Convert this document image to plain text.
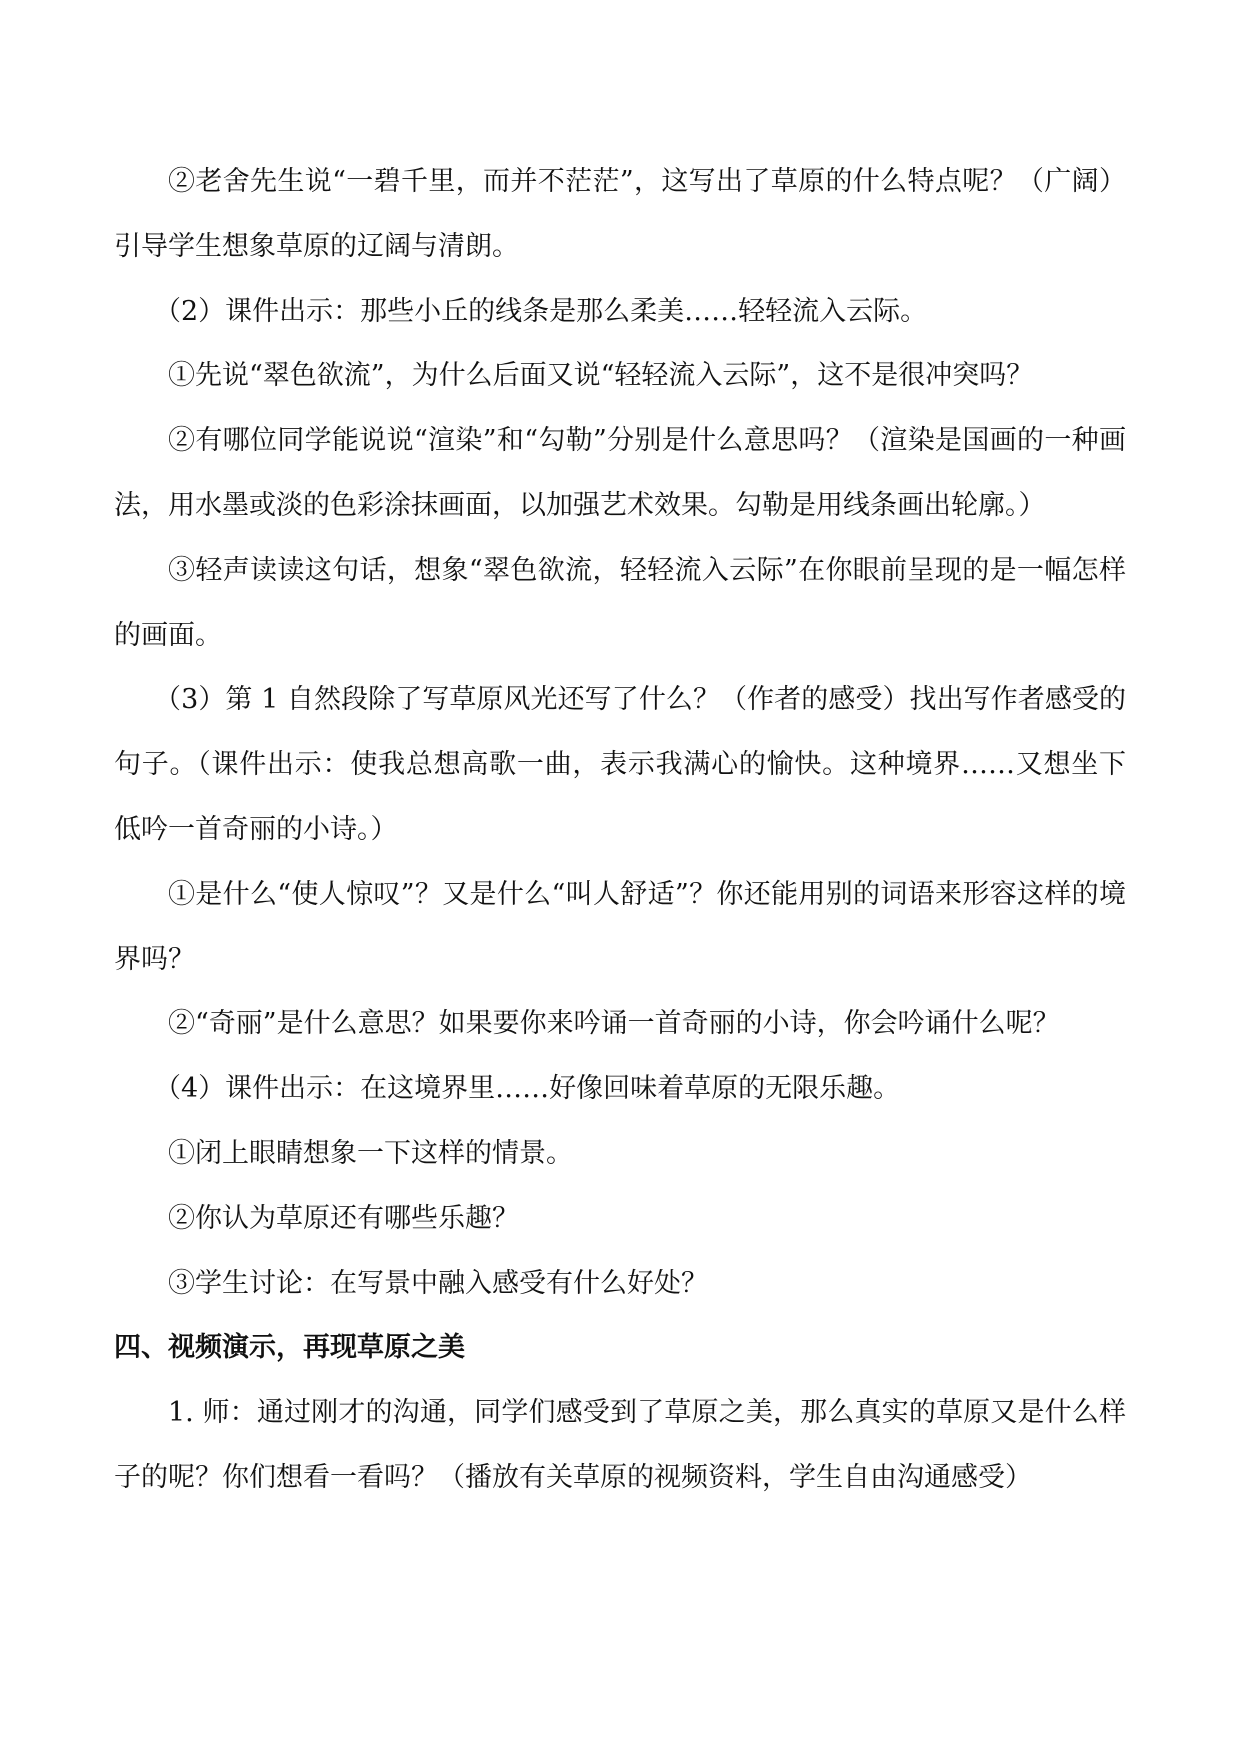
②老舍先生说“一碧千里，而并不茫茫”，这写出了草原的什么特点呢？（广阔）引导学生想象草原的辽阔与清朗。

（2）课件出示：那些小丘的线条是那么柔美……轻轻流入云际。

①先说“翠色欲流”，为什么后面又说“轻轻流入云际”，这不是很冲突吗？

②有哪位同学能说说“渲染”和“勾勒”分别是什么意思吗？（渲染是国画的一种画法，用水墨或淡的色彩涂抹画面，以加强艺术效果。勾勒是用线条画出轮廓。）

③轻声读读这句话，想象“翠色欲流，轻轻流入云际”在你眼前呈现的是一幅怎样的画面。

（3）第 1 自然段除了写草原风光还写了什么？（作者的感受）找出写作者感受的句子。（课件出示：使我总想高歌一曲，表示我满心的愉快。这种境界……又想坐下低吟一首奇丽的小诗。）

①是什么“使人惊叹”？又是什么“叫人舒适”？你还能用别的词语来形容这样的境界吗？

②“奇丽”是什么意思？如果要你来吟诵一首奇丽的小诗，你会吟诵什么呢？

（4）课件出示：在这境界里……好像回味着草原的无限乐趣。

①闭上眼睛想象一下这样的情景。

②你认为草原还有哪些乐趣？

③学生讨论：在写景中融入感受有什么好处？

四、视频演示，再现草原之美

1. 师：通过刚才的沟通，同学们感受到了草原之美，那么真实的草原又是什么样子的呢？你们想看一看吗？（播放有关草原的视频资料，学生自由沟通感受）
